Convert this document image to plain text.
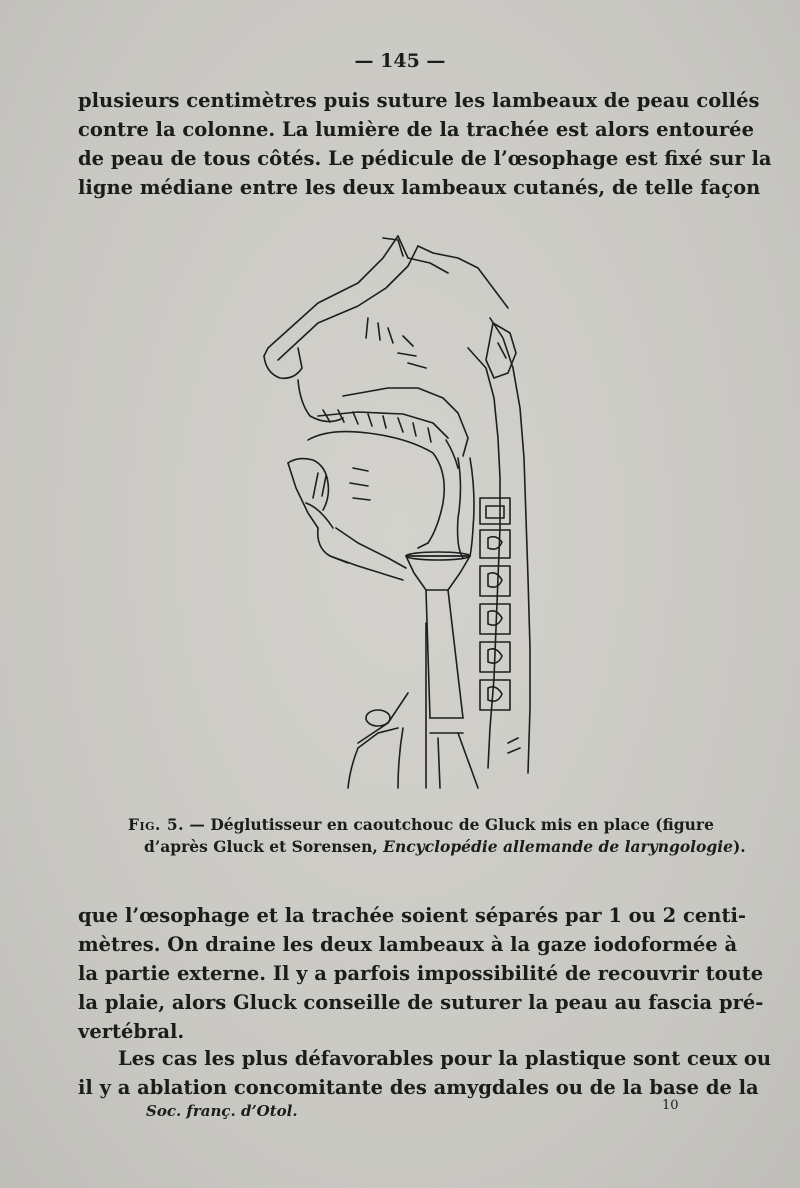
— 145 —
plusieurs centimètres puis suture les lambeaux de peau collés
contre la colonne. La lumière de la trachée est alors entourée
de peau de tous côtés. Le pédicule de l’œsophage est fixé sur la
ligne médiane entre les deux lambeaux cutanés, de telle façon
Fig. 5. — Déglutisseur en caoutchouc de Gluck mis en place (figure
d’après Gluck et Sorensen, Encyclopédie allemande de laryngologie).
que l’œsophage et la trachée soient séparés par 1 ou 2 centi-
mètres. On draine les deux lambeaux à la gaze iodoformée à
la partie externe. Il y a parfois impossibilité de recouvrir toute
la plaie, alors Gluck conseille de suturer la peau au fascia pré-
vertébral.
Les cas les plus défavorables pour la plastique sont ceux ou
il y a ablation concomitante des amygdales ou de la base de la
Soc. franç. d’Otol.	10
